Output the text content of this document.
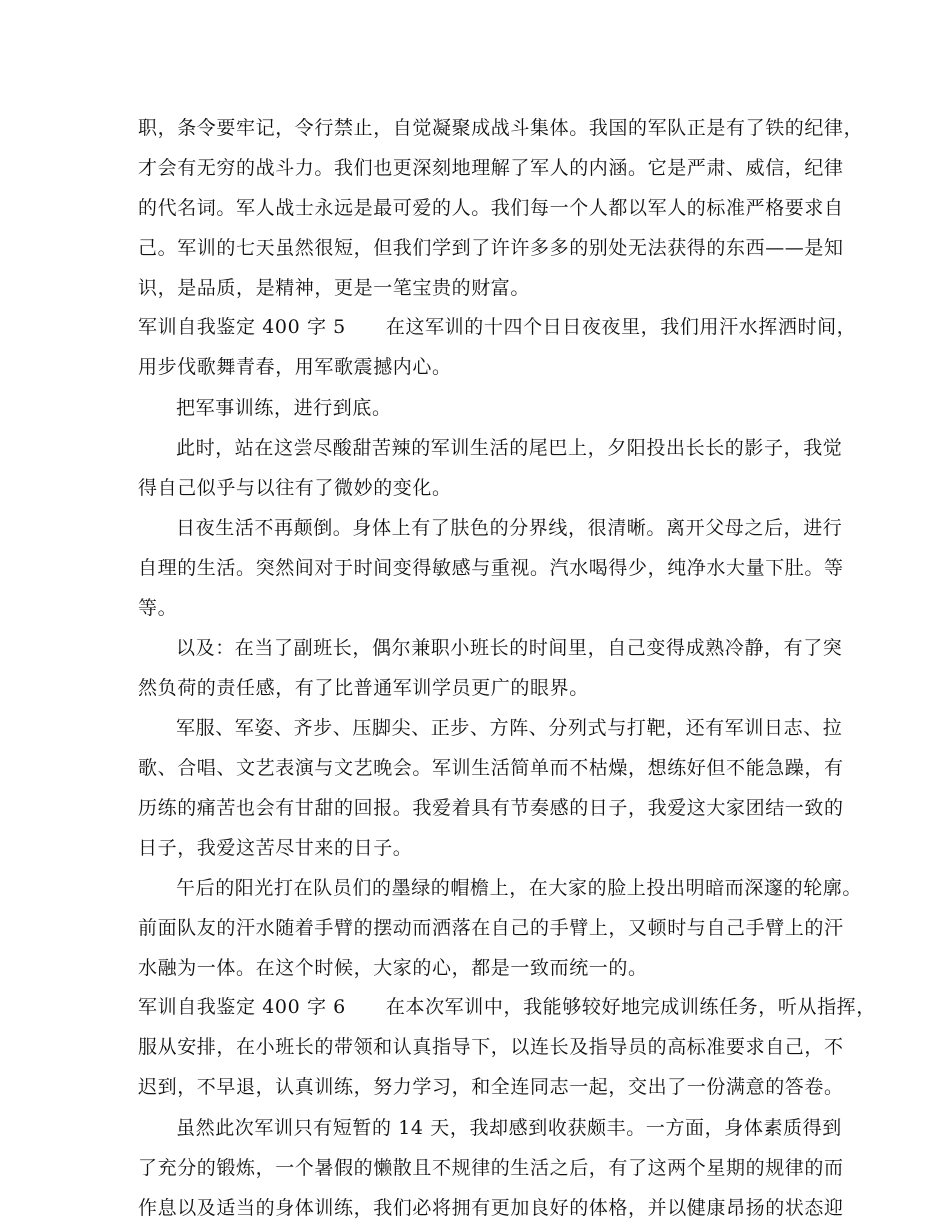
职，条令要牢记，令行禁止，自觉凝聚成战斗集体。我国的军队正是有了铁的纪律，
才会有无穷的战斗力。我们也更深刻地理解了军人的内涵。它是严肃、威信，纪律
的代名词。军人战士永远是最可爱的人。我们每一个人都以军人的标准严格要求自
己。军训的七天虽然很短，但我们学到了许许多多的别处无法获得的东西——是知
识，是品质，是精神，更是一笔宝贵的财富。
军训自我鉴定 400 字 5 在这军训的十四个日日夜夜里，我们用汗水挥洒时间，
用步伐歌舞青春，用军歌震撼内心。
把军事训练，进行到底。
此时，站在这尝尽酸甜苦辣的军训生活的尾巴上，夕阳投出长长的影子，我觉
得自己似乎与以往有了微妙的变化。
日夜生活不再颠倒。身体上有了肤色的分界线，很清晰。离开父母之后，进行
自理的生活。突然间对于时间变得敏感与重视。汽水喝得少，纯净水大量下肚。等
等。
以及：在当了副班长，偶尔兼职小班长的时间里，自己变得成熟冷静，有了突
然负荷的责任感，有了比普通军训学员更广的眼界。
军服、军姿、齐步、压脚尖、正步、方阵、分列式与打靶，还有军训日志、拉
歌、合唱、文艺表演与文艺晚会。军训生活简单而不枯燥，想练好但不能急躁，有
历练的痛苦也会有甘甜的回报。我爱着具有节奏感的日子，我爱这大家团结一致的
日子，我爱这苦尽甘来的日子。
午后的阳光打在队员们的墨绿的帽檐上，在大家的脸上投出明暗而深邃的轮廓。
前面队友的汗水随着手臂的摆动而洒落在自己的手臂上，又顿时与自己手臂上的汗
水融为一体。在这个时候，大家的心，都是一致而统一的。
军训自我鉴定 400 字 6 在本次军训中，我能够较好地完成训练任务，听从指挥，
服从安排，在小班长的带领和认真指导下，以连长及指导员的高标准要求自己，不
迟到，不早退，认真训练，努力学习，和全连同志一起，交出了一份满意的答卷。
虽然此次军训只有短暂的 14 天，我却感到收获颇丰。一方面，身体素质得到
了充分的锻炼，一个暑假的懒散且不规律的生活之后，有了这两个星期的规律的而
作息以及适当的身体训练，我们必将拥有更加良好的体格，并以健康昂扬的状态迎
